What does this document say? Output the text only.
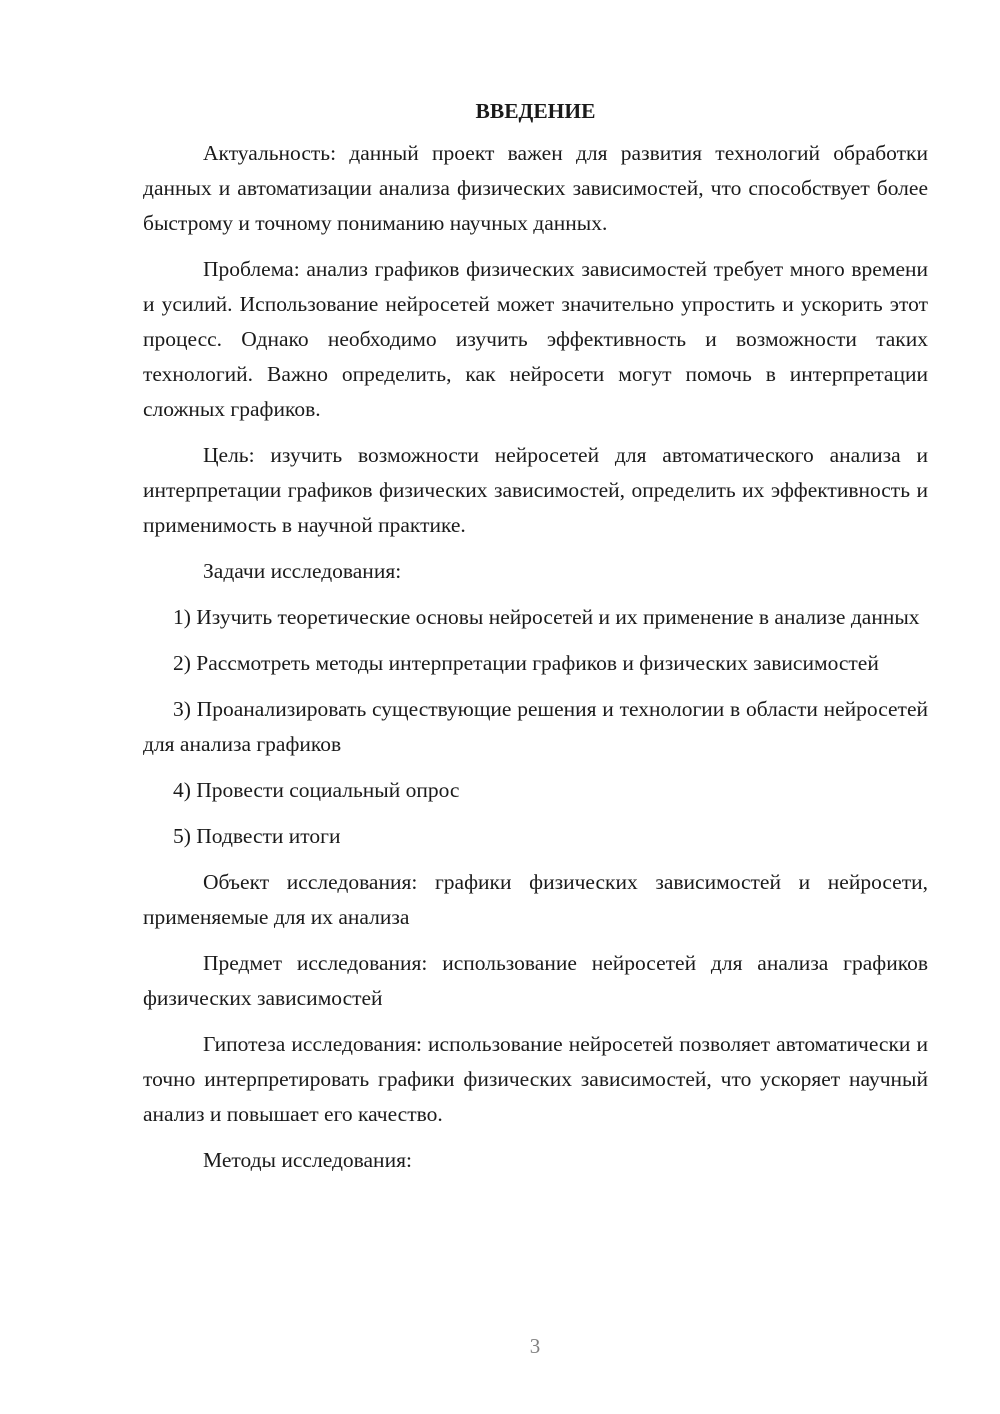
ВВЕДЕНИЕ

Актуальность: данный проект важен для развития технологий обработки данных и автоматизации анализа физических зависимостей, что способствует более быстрому и точному пониманию научных данных.

Проблема: анализ графиков физических зависимостей требует много времени и усилий. Использование нейросетей может значительно упростить и ускорить этот процесс. Однако необходимо изучить эффективность и возможности таких технологий. Важно определить, как нейросети могут помочь в интерпретации сложных графиков.

Цель: изучить возможности нейросетей для автоматического анализа и интерпретации графиков физических зависимостей, определить их эффективность и применимость в научной практике.

Задачи исследования:

1) Изучить теоретические основы нейросетей и их применение в анализе данных

2) Рассмотреть методы интерпретации графиков и физических зависимостей

3) Проанализировать существующие решения и технологии в области нейросетей для анализа графиков

4) Провести социальный опрос

5) Подвести итоги

Объект исследования: графики физических зависимостей и нейросети, применяемые для их анализа

Предмет исследования: использование нейросетей для анализа графиков физических зависимостей

Гипотеза исследования: использование нейросетей позволяет автоматически и точно интерпретировать графики физических зависимостей, что ускоряет научный анализ и повышает его качество.

Методы исследования:

3
